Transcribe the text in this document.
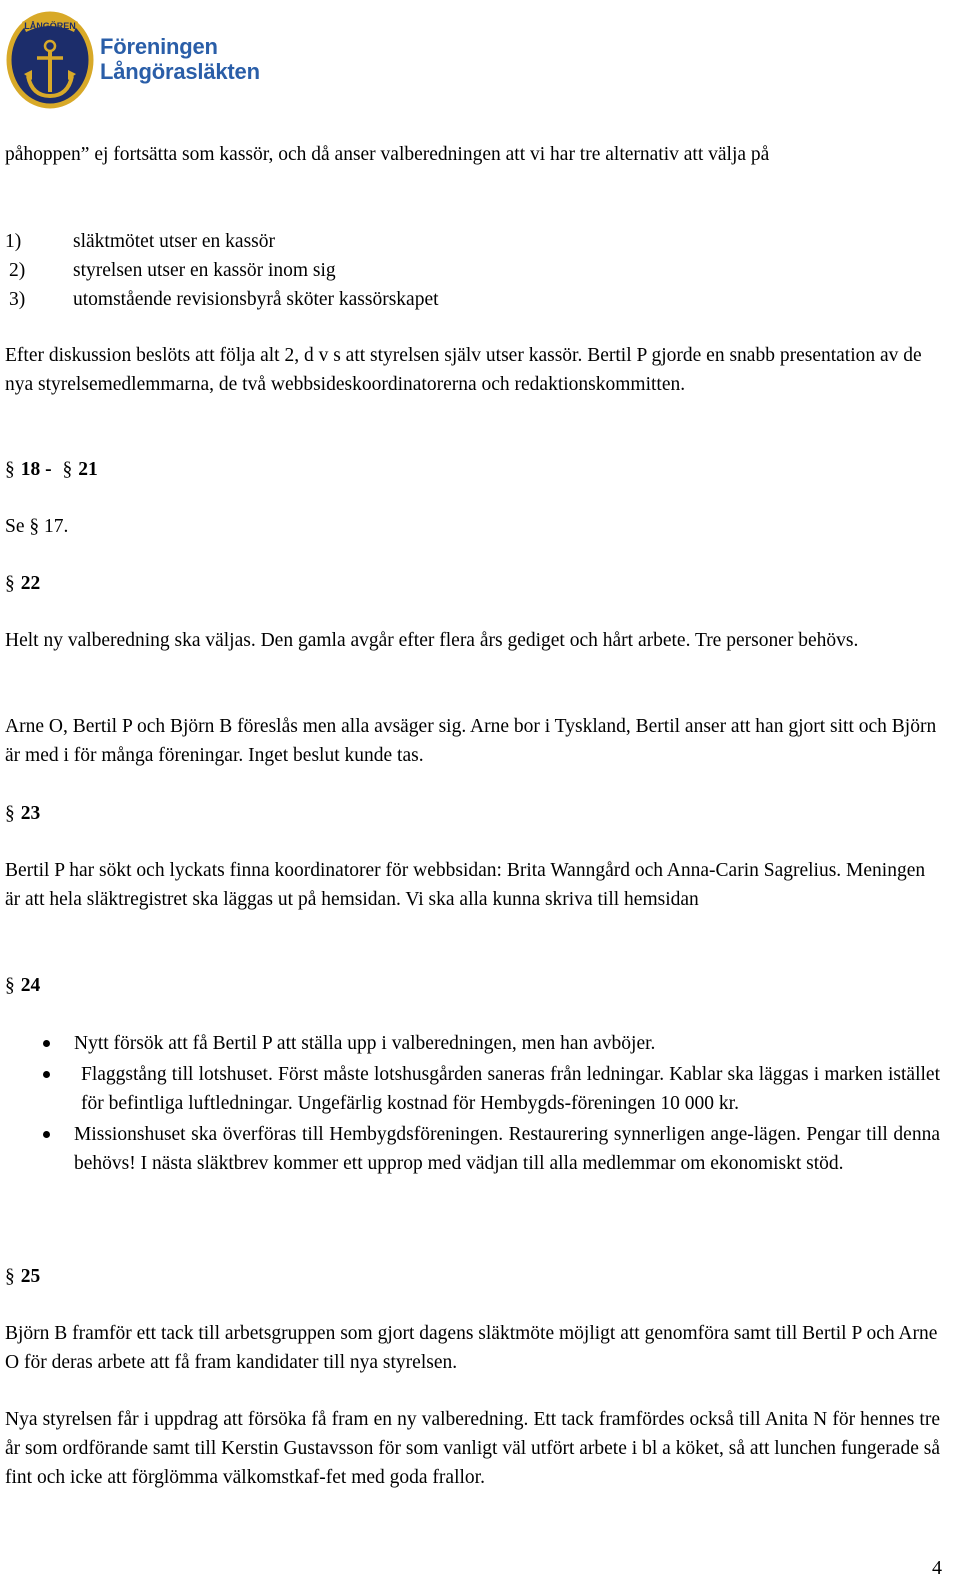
LÅNGÖREN
Föreningen
Långörasläkten

påhoppen” ej fortsätta som kassör, och då anser valberedningen att vi har tre alternativ att välja på

1)	släktmötet utser en kassör
2) styrelsen utser en kassör inom sig
3) utomstående revisionsbyrå sköter kassörskapet

Efter diskussion beslöts att följa alt 2, d v s att styrelsen själv utser kassör. Bertil P gjorde en snabb presentation av de nya styrelsemedlemmarna, de två webbsideskoordinatorerna och redaktionskommitten.

§ 18 - § 21

Se § 17.

§ 22

Helt ny valberedning ska väljas. Den gamla avgår efter flera års gediget och hårt arbete. Tre personer behövs.

Arne O, Bertil P och Björn B föreslås men alla avsäger sig. Arne bor i Tyskland, Bertil anser att han gjort sitt och Björn är med i för många föreningar. Inget beslut kunde tas.

§ 23

Bertil P har sökt och lyckats finna koordinatorer för webbsidan: Brita Wanngård och Anna-Carin Sagrelius. Meningen är att hela släktregistret ska läggas ut på hemsidan. Vi ska alla kunna skriva till hemsidan

§ 24
Nytt försök att få Bertil P att ställa upp i valberedningen, men han avböjer.
Flaggstång till lotshuset. Först måste lotshusgården saneras från ledningar. Kablar ska läggas i marken istället för befintliga luftledningar. Ungefärlig kostnad för Hembygds-föreningen 10 000 kr.
Missionshuset ska överföras till Hembygdsföreningen. Restaurering synnerligen ange-lägen. Pengar till denna behövs! I nästa släktbrev kommer ett upprop med vädjan till alla medlemmar om ekonomiskt stöd.
§ 25

Björn B framför ett tack till arbetsgruppen som gjort dagens släktmöte möjligt att genomföra samt till Bertil P och Arne O för deras arbete att få fram kandidater till nya styrelsen.

Nya styrelsen får i uppdrag att försöka få fram en ny valberedning. Ett tack framfördes också till Anita N för hennes tre år som ordförande samt till Kerstin Gustavsson för som vanligt väl utfört arbete i bl a köket, så att lunchen fungerade så fint och icke att förglömma välkomstkaf-fet med goda frallor.

4
